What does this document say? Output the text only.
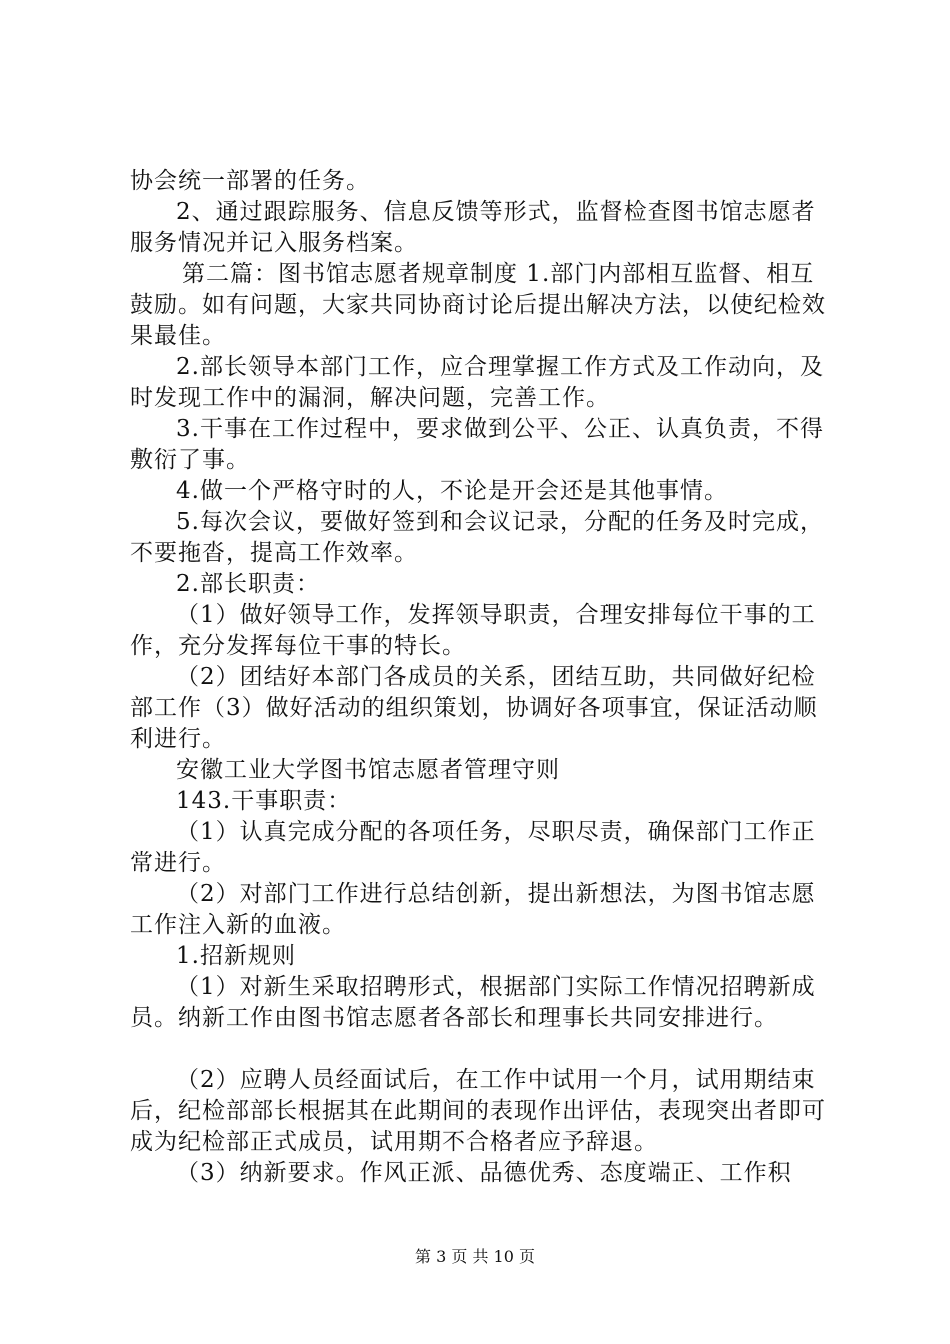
协会统一部署的任务。

2、通过跟踪服务、信息反馈等形式，监督检查图书馆志愿者服务情况并记入服务档案。

第二篇：图书馆志愿者规章制度 1.部门内部相互监督、相互鼓励。如有问题，大家共同协商讨论后提出解决方法，以使纪检效果最佳。

2.部长领导本部门工作，应合理掌握工作方式及工作动向，及时发现工作中的漏洞，解决问题，完善工作。

3.干事在工作过程中，要求做到公平、公正、认真负责，不得敷衍了事。

4.做一个严格守时的人，不论是开会还是其他事情。

5.每次会议，要做好签到和会议记录，分配的任务及时完成，不要拖沓，提高工作效率。

2.部长职责：

（1）做好领导工作，发挥领导职责，合理安排每位干事的工作，充分发挥每位干事的特长。

（2）团结好本部门各成员的关系，团结互助，共同做好纪检部工作（3）做好活动的组织策划，协调好各项事宜，保证活动顺利进行。

安徽工业大学图书馆志愿者管理守则

143.干事职责：

（1）认真完成分配的各项任务，尽职尽责，确保部门工作正常进行。

（2）对部门工作进行总结创新，提出新想法，为图书馆志愿工作注入新的血液。

1.招新规则

（1）对新生采取招聘形式，根据部门实际工作情况招聘新成员。纳新工作由图书馆志愿者各部长和理事长共同安排进行。

（2）应聘人员经面试后，在工作中试用一个月，试用期结束后，纪检部部长根据其在此期间的表现作出评估，表现突出者即可成为纪检部正式成员，试用期不合格者应予辞退。

（3）纳新要求。作风正派、品德优秀、态度端正、工作积

第 3 页 共 10 页
